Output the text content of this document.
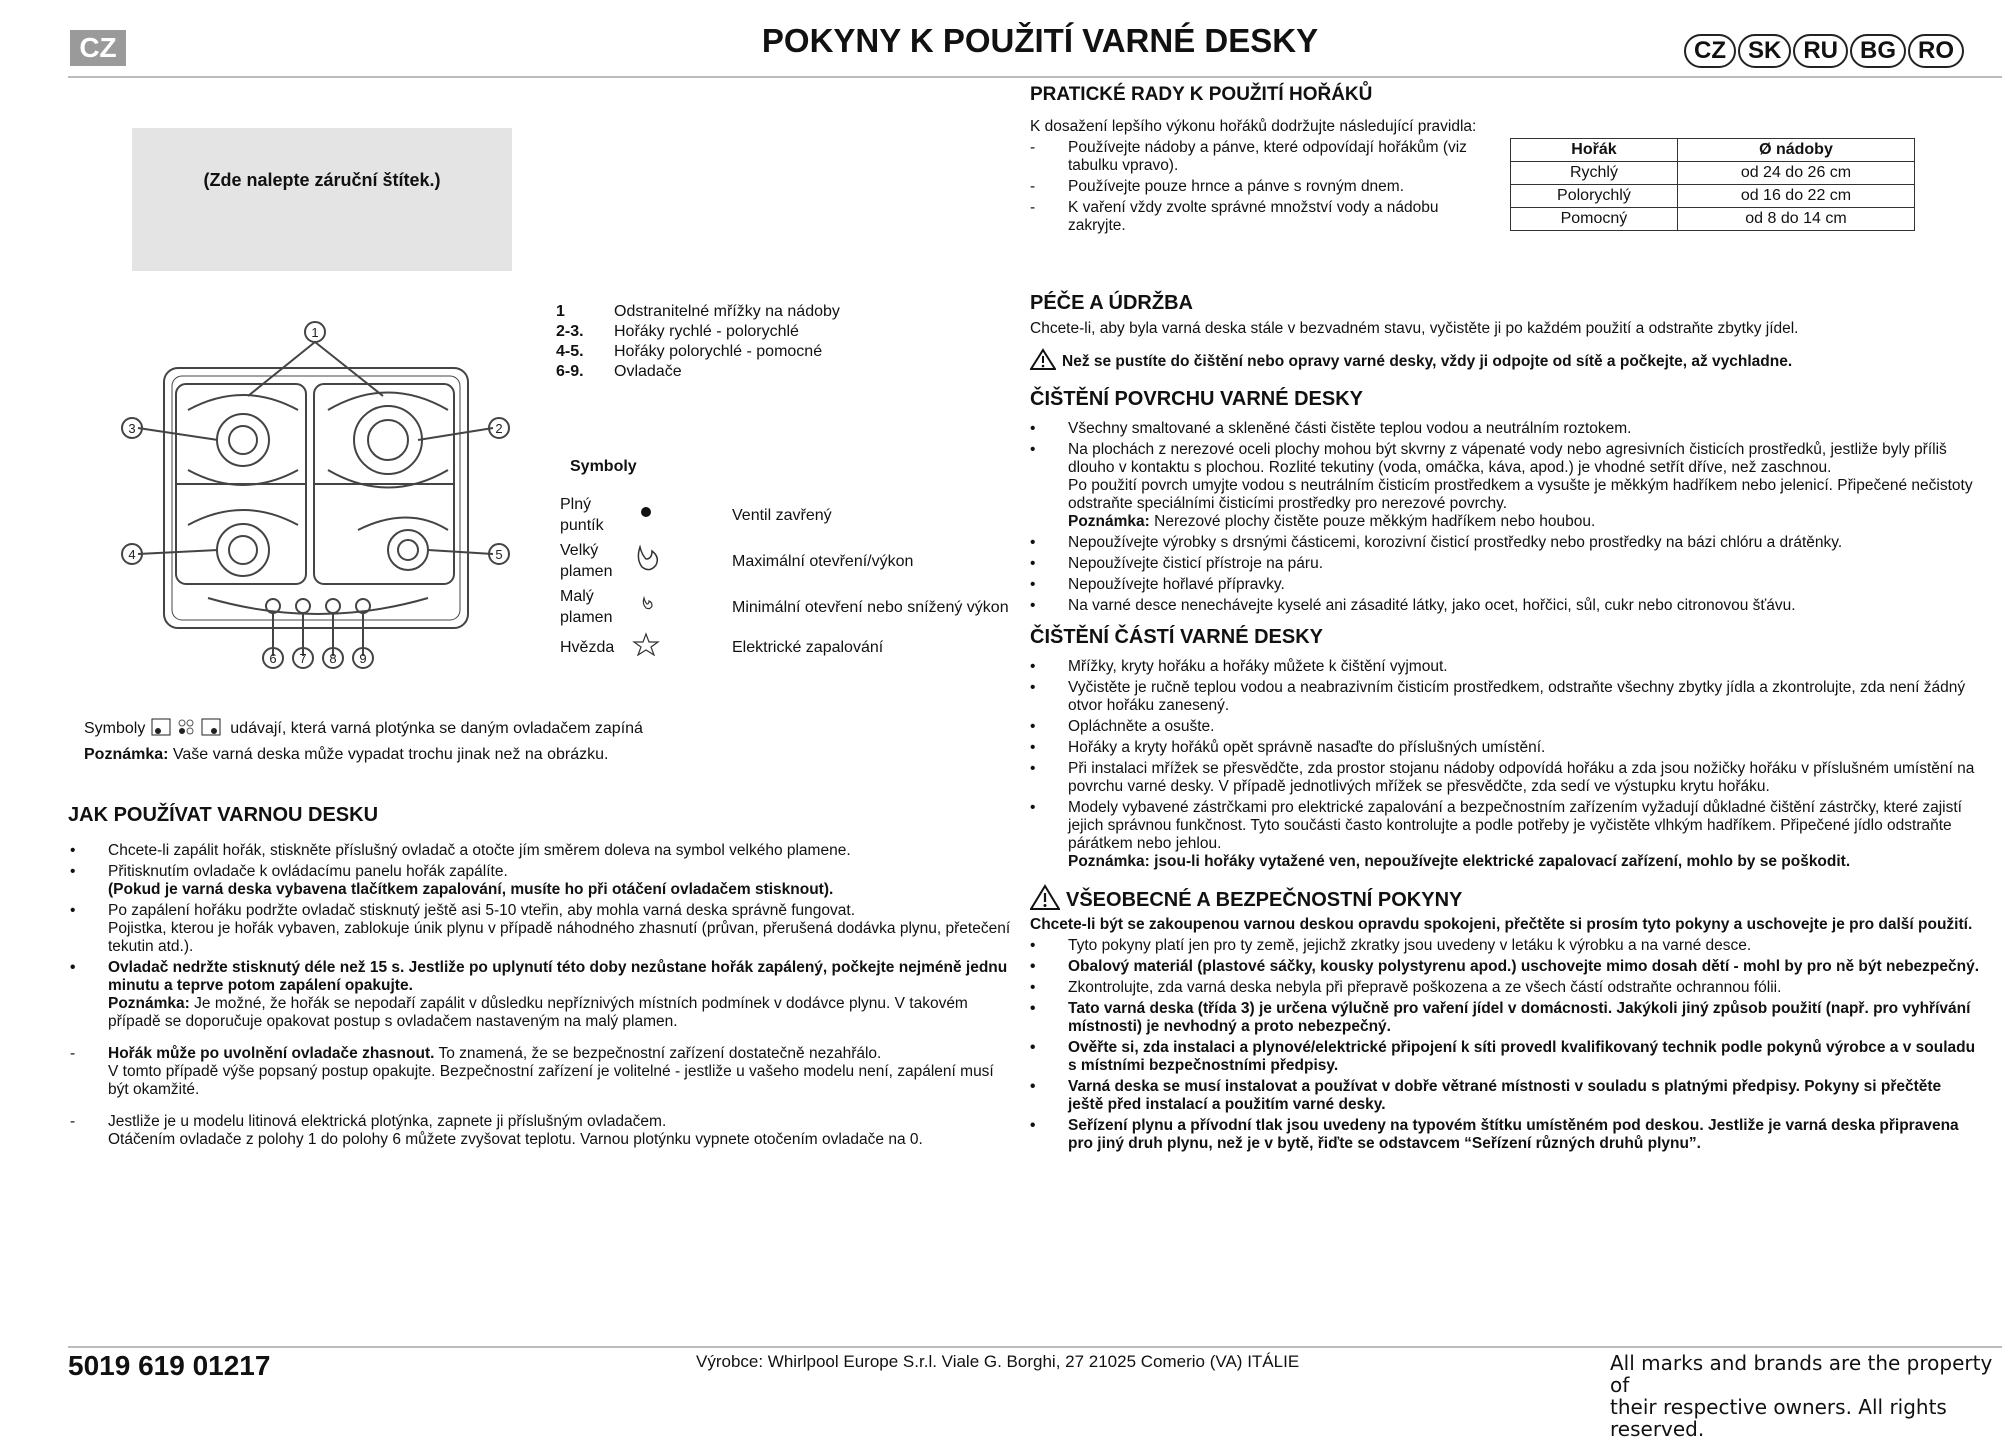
CZ	POKYNY K POUŽITÍ VARNÉ DESKY	CZ SK RU BG RO
(Zde nalepte záruční štítek.)
1
2
3
4	5
6 7 8 9
1	Odstranitelné mřížky na nádoby
2-3.	Hořáky rychlé - polorychlé
4-5.	Hořáky polorychlé - pomocné
6-9.	Ovladače
Symboly
Plný puntík		Ventil zavřený
Velký plamen		Maximální otevření/výkon
Malý plamen		Minimální otevření nebo snížený výkon
Hvězda		Elektrické zapalování
Symboly	udávají, která varná plotýnka se daným ovladačem zapíná
Poznámka: Vaše varná deska může vypadat trochu jinak než na obrázku.
JAK POUŽÍVAT VARNOU DESKU
• Chcete-li zapálit hořák, stiskněte příslušný ovladač a otočte jím směrem doleva na symbol velkého plamene.
• Přitisknutím ovladače k ovládacímu panelu hořák zapálíte.
(Pokud je varná deska vybavena tlačítkem zapalování, musíte ho při otáčení ovladačem stisknout).
• Po zapálení hořáku podržte ovladač stisknutý ještě asi 5-10 vteřin, aby mohla varná deska správně fungovat.
Pojistka, kterou je hořák vybaven, zablokuje únik plynu v případě náhodného zhasnutí (průvan, přerušená dodávka plynu, přetečení tekutin atd.).
• Ovladač nedržte stisknutý déle než 15 s. Jestliže po uplynutí této doby nezůstane hořák zapálený, počkejte nejméně jednu minutu a teprve potom zapálení opakujte.
Poznámka: Je možné, že hořák se nepodaří zapálit v důsledku nepříznivých místních podmínek v dodávce plynu. V takovém případě se doporučuje opakovat postup s ovladačem nastaveným na malý plamen.
- Hořák může po uvolnění ovladače zhasnout. To znamená, že se bezpečnostní zařízení dostatečně nezahřálo.
V tomto případě výše popsaný postup opakujte. Bezpečnostní zařízení je volitelné - jestliže u vašeho modelu není, zapálení musí být okamžité.
- Jestliže je u modelu litinová elektrická plotýnka, zapnete ji příslušným ovladačem.
Otáčením ovladače z polohy 1 do polohy 6 můžete zvyšovat teplotu. Varnou plotýnku vypnete otočením ovladače na 0.
PRATICKÉ RADY K POUŽITÍ HOŘÁKŮ
K dosažení lepšího výkonu hořáků dodržujte následující pravidla:
- Používejte nádoby a pánve, které odpovídají hořákům (viz tabulku vpravo).
- Používejte pouze hrnce a pánve s rovným dnem.
- K vaření vždy zvolte správné množství vody a nádobu zakryjte.
Hořák	Ø nádoby
Rychlý	od 24 do 26 cm
Polorychlý	od 16 do 22 cm
Pomocný	od 8 do 14 cm
PÉČE A ÚDRŽBA
Chcete-li, aby byla varná deska stále v bezvadném stavu, vyčistěte ji po každém použití a odstraňte zbytky jídel.
Než se pustíte do čištění nebo opravy varné desky, vždy ji odpojte od sítě a počkejte, až vychladne.
ČIŠTĚNÍ POVRCHU VARNÉ DESKY
• Všechny smaltované a skleněné části čistěte teplou vodou a neutrálním roztokem.
• Na plochách z nerezové oceli plochy mohou být skvrny z vápenaté vody nebo agresivních čisticích prostředků, jestliže byly příliš dlouho v kontaktu s plochou. Rozlité tekutiny (voda, omáčka, káva, apod.) je vhodné setřít dříve, než zaschnou.
Po použití povrch umyjte vodou s neutrálním čisticím prostředkem a vysušte je měkkým hadříkem nebo jelenicí. Připečené nečistoty odstraňte speciálními čisticími prostředky pro nerezové povrchy.
Poznámka: Nerezové plochy čistěte pouze měkkým hadříkem nebo houbou.
• Nepoužívejte výrobky s drsnými částicemi, korozivní čisticí prostředky nebo prostředky na bázi chlóru a drátěnky.
• Nepoužívejte čisticí přístroje na páru.
• Nepoužívejte hořlavé přípravky.
• Na varné desce nenechávejte kyselé ani zásadité látky, jako ocet, hořčici, sůl, cukr nebo citronovou šťávu.
ČIŠTĚNÍ ČÁSTÍ VARNÉ DESKY
• Mřížky, kryty hořáku a hořáky můžete k čištění vyjmout.
• Vyčistěte je ručně teplou vodou a neabrazivním čisticím prostředkem, odstraňte všechny zbytky jídla a zkontrolujte, zda není žádný otvor hořáku zanesený.
• Opláchněte a osušte.
• Hořáky a kryty hořáků opět správně nasaďte do příslušných umístění.
• Při instalaci mřížek se přesvědčte, zda prostor stojanu nádoby odpovídá hořáku a zda jsou nožičky hořáku v příslušném umístění na povrchu varné desky. V případě jednotlivých mřížek se přesvědčte, zda sedí ve výstupku krytu hořáku.
• Modely vybavené zástrčkami pro elektrické zapalování a bezpečnostním zařízením vyžadují důkladné čištění zástrčky, které zajistí jejich správnou funkčnost. Tyto součásti často kontrolujte a podle potřeby je vyčistěte vlhkým hadříkem. Připečené jídlo odstraňte párátkem nebo jehlou.
Poznámka: jsou-li hořáky vytažené ven, nepoužívejte elektrické zapalovací zařízení, mohlo by se poškodit.
VŠEOBECNÉ A BEZPEČNOSTNÍ POKYNY
Chcete-li být se zakoupenou varnou deskou opravdu spokojeni, přečtěte si prosím tyto pokyny a uschovejte je pro další použití.
• Tyto pokyny platí jen pro ty země, jejichž zkratky jsou uvedeny v letáku k výrobku a na varné desce.
• Obalový materiál (plastové sáčky, kousky polystyrenu apod.) uschovejte mimo dosah dětí - mohl by pro ně být nebezpečný.
• Zkontrolujte, zda varná deska nebyla při přepravě poškozena a ze všech částí odstraňte ochrannou fólii.
• Tato varná deska (třída 3) je určena výlučně pro vaření jídel v domácnosti. Jakýkoli jiný způsob použití (např. pro vyhřívání místnosti) je nevhodný a proto nebezpečný.
• Ověřte si, zda instalaci a plynové/elektrické připojení k síti provedl kvalifikovaný technik podle pokynů výrobce a v souladu s místními bezpečnostními předpisy.
• Varná deska se musí instalovat a používat v dobře větrané místnosti v souladu s platnými předpisy. Pokyny si přečtěte ještě před instalací a použitím varné desky.
• Seřízení plynu a přívodní tlak jsou uvedeny na typovém štítku umístěném pod deskou. Jestliže je varná deska připravena pro jiný druh plynu, než je v bytě, řiďte se odstavcem “Seřízení různých druhů plynu”.
5019 619 01217	Výrobce: Whirlpool Europe S.r.l. Viale G. Borghi, 27 21025 Comerio (VA) ITÁLIE	All marks and brands are the property of
their respective owners. All rights reserved.
